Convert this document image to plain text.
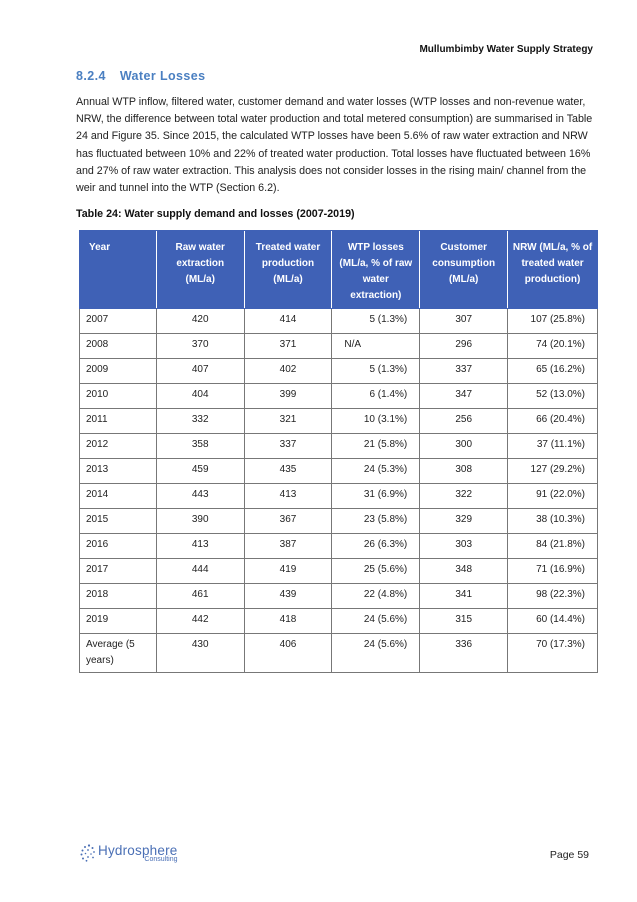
Mullumbimby Water Supply Strategy
8.2.4 Water Losses

Annual WTP inflow, filtered water, customer demand and water losses (WTP losses and non-revenue water, NRW, the difference between total water production and total metered consumption) are summarised in Table 24 and Figure 35. Since 2015, the calculated WTP losses have been 5.6% of raw water extraction and NRW has fluctuated between 10% and 22% of treated water production. Total losses have fluctuated between 16% and 27% of raw water extraction. This analysis does not consider losses in the rising main/ channel from the weir and tunnel into the WTP (Section 6.2).

Table 24: Water supply demand and losses (2007-2019)
Year	Raw water extraction (ML/a)	Treated water production (ML/a)	WTP losses (ML/a, % of raw water extraction)	Customer consumption (ML/a)	NRW (ML/a, % of treated water production)
2007	420	414	5 (1.3%)	307	107 (25.8%)
2008	370	371	N/A	296	74 (20.1%)
2009	407	402	5 (1.3%)	337	65 (16.2%)
2010	404	399	6 (1.4%)	347	52 (13.0%)
2011	332	321	10 (3.1%)	256	66 (20.4%)
2012	358	337	21 (5.8%)	300	37 (11.1%)
2013	459	435	24 (5.3%)	308	127 (29.2%)
2014	443	413	31 (6.9%)	322	91 (22.0%)
2015	390	367	23 (5.8%)	329	38 (10.3%)
2016	413	387	26 (6.3%)	303	84 (21.8%)
2017	444	419	25 (5.6%)	348	71 (16.9%)
2018	461	439	22 (4.8%)	341	98 (22.3%)
2019	442	418	24 (5.6%)	315	60 (14.4%)
Average (5 years)	430	406	24 (5.6%)	336	70 (17.3%)
Hydrosphere
Consulting	Page 59
